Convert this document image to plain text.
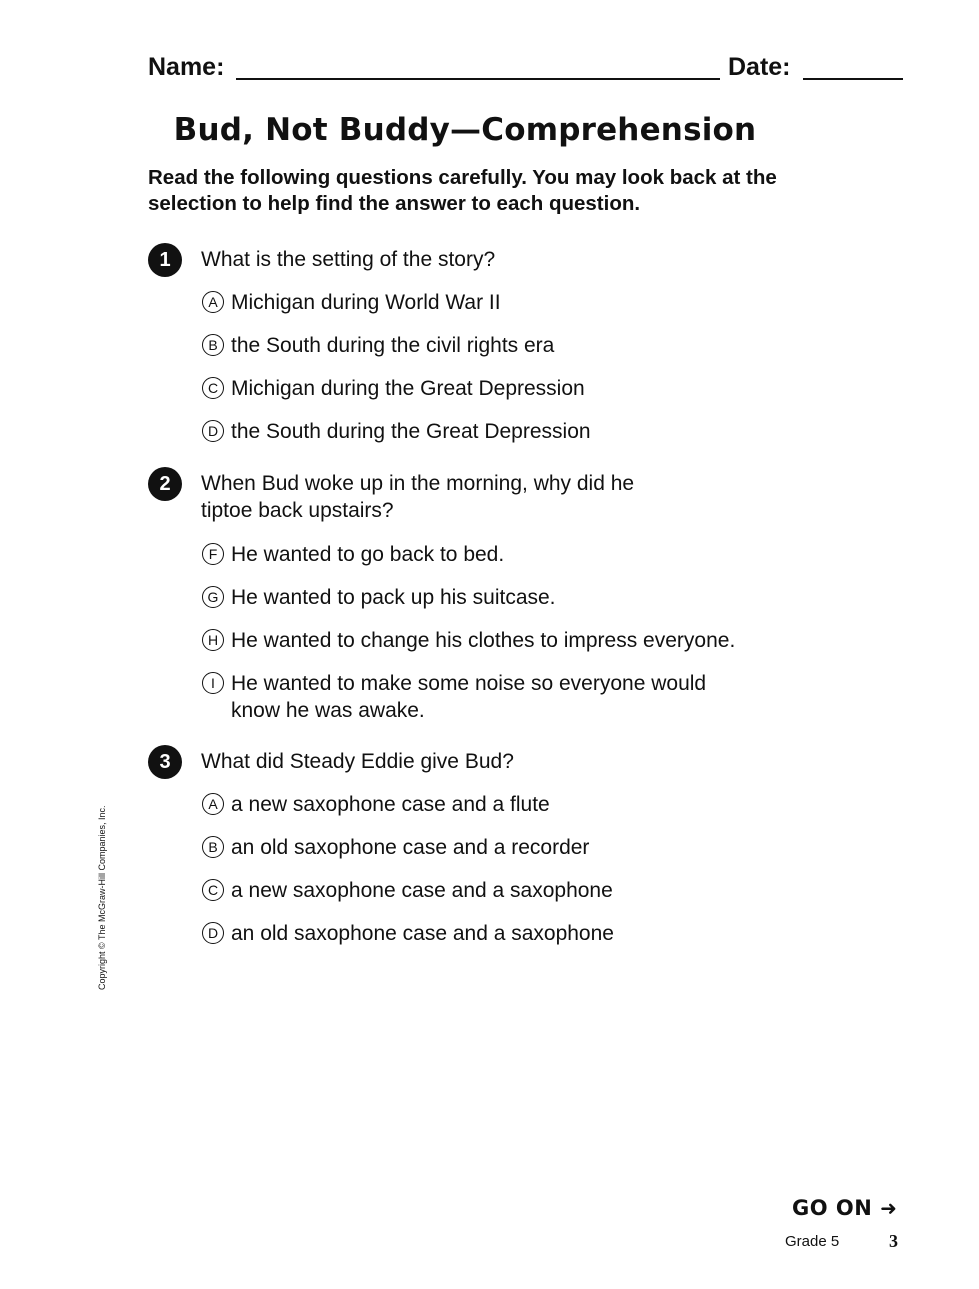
Name:	Date:
Bud, Not Buddy—Comprehension
Read the following questions carefully. You may look back at the selection to help find the answer to each question.
1	What is the setting of the story?
A Michigan during World War II
B the South during the civil rights era
C Michigan during the Great Depression
D the South during the Great Depression
2	When Bud woke up in the morning, why did he tiptoe back upstairs?
F He wanted to go back to bed.
G He wanted to pack up his suitcase.
H He wanted to change his clothes to impress everyone.
I He wanted to make some noise so everyone would know he was awake.
3	What did Steady Eddie give Bud?
A a new saxophone case and a flute
B an old saxophone case and a recorder
C a new saxophone case and a saxophone
D an old saxophone case and a saxophone
Copyright © The McGraw-Hill Companies, Inc.
GO ON ➜
Grade 5	3
